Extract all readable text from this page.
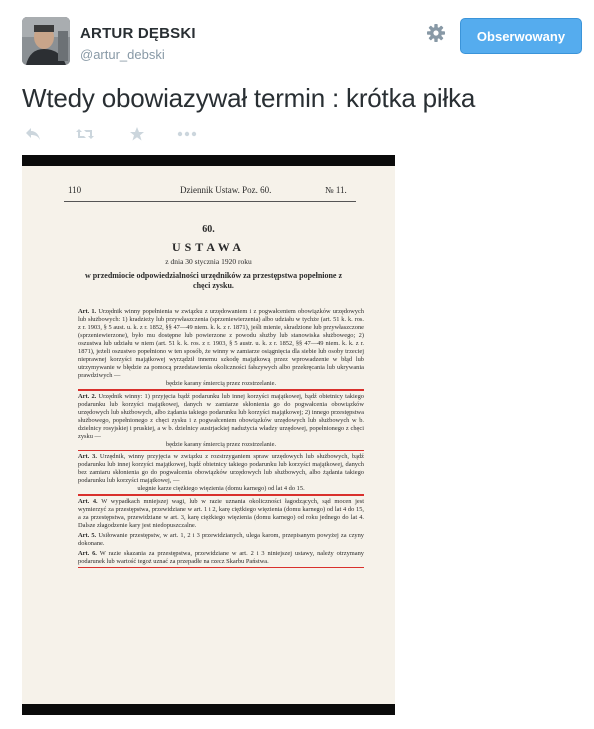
ARTUR DĘBSKI
@artur_debski
Obserwowany
Wtedy obowiazywał termin : krótka piłka
110	Dziennik Ustaw. Poz. 60.	№ 11.
60.
USTAWA
z dnia 30 stycznia 1920 roku
w przedmiocie odpowiedzialności urzędników za przestępstwa popełnione z chęci zysku.

Art. 1. Urzędnik winny popełnienia w związku z urzędowaniem i z pogwałceniem obowiązków urzędowych lub służbowych: 1) kradzieży lub przywłaszczenia (sprzeniewierzenia) albo udziału w tychże (art. 51 k. k. ros. z r. 1903, § 5 aust. u. k. z r. 1852, §§ 47—49 niem. k. k. z r. 1871), jeśli mienie, skradzione lub przywłaszczone (sprzeniewierzone), było mu dostępne lub powierzone z powodu służby lub stanowiska służbowego; 2) oszustwa lub udziału w niem (art. 51 k. k. ros. z r. 1903, § 5 austr. u. k. z r. 1852, §§ 47—49 niem. k. k. z r. 1871), jeżeli oszustwo popełniono w ten sposób, że winny w zamiarze osiągnięcia dla siebie lub osoby trzeciej nieprawnej korzyści majątkowej wyrządził innemu szkodę majątkową przez wprowadzenie w błąd lub utrzymywanie w błędzie za pomocą przedstawienia okoliczności fałszywych albo przekręcania lub ukrywania prawdziwych —
będzie karany śmiercią przez rozstrzelanie.

Art. 2. Urzędnik winny: 1) przyjęcia bądź podarunku lub innej korzyści majątkowej, bądź obietnicy takiego podarunku lub korzyści majątkowej, danych w zamiarze skłonienia go do pogwałcenia obowiązków urzędowych lub służbowych, albo żądania takiego podarunku lub korzyści majątkowej; 2) innego przestępstwa służbowego, popełnionego z chęci zysku i z pogwałceniem obowiązków urzędowych lub służbowych w b. dzielnicy rosyjskiej i pruskiej, a w b. dzielnicy austrjackiej nadużycia władzy urzędowej, popełnionego z chęci zysku —
będzie karany śmiercią przez rozstrzelanie.

Art. 3. Urzędnik, winny przyjęcia w związku z rozstrzyganiem spraw urzędowych lub służbowych, bądź podarunku lub innej korzyści majątkowej, bądź obietnicy takiego podarunku lub korzyści majątkowej, danych bez zamiaru skłonienia go do pogwałcenia obowiązków urzędowych lub służbowych, albo żądania takiego podarunku lub korzyści majątkowej, —
ulegnie karze ciężkiego więzienia (domu karnego) od lat 4 do 15.

Art. 4. W wypadkach mniejszej wagi, lub w razie uznania okoliczności łagodzących, sąd mocen jest wymierzyć za przestępstwa, przewidziane w art. 1 i 2, karę ciężkiego więzienia (domu karnego) od lat 4 do 15, a za przestępstwa, przewidziane w art. 3, karę ciężkiego więzienia (domu karnego) od roku jednego do lat 4. Dalsze złagodzenie kary jest niedopuszczalne.

Art. 5. Usiłowanie przestępstw, w art. 1, 2 i 3 przewidzianych, ulega karom, przepisanym powyżej za czyny dokonane.

Art. 6. W razie skazania za przestępstwa, przewidziane w art. 2 i 3 niniejszej ustawy, należy otrzymany podarunek lub wartość tegoż uznać za przepadłe na rzecz Skarbu Państwa.
